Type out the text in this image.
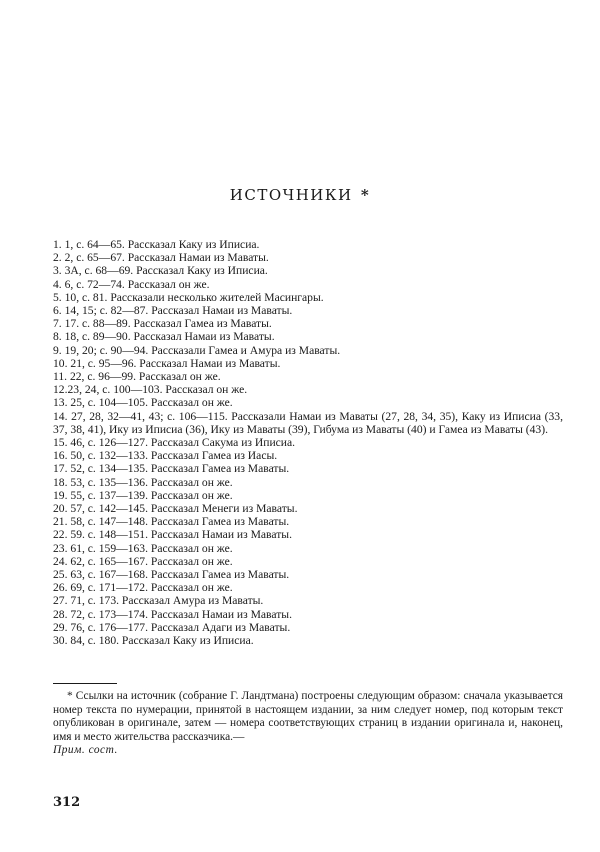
ИСТОЧНИКИ *
1. 1, с. 64—65. Рассказал Каку из Иписиа.
2. 2, с. 65—67. Рассказал Намаи из Маваты.
3. 3А, с. 68—69. Рассказал Каку из Иписиа.
4. 6, с. 72—74. Рассказал он же.
5. 10, с. 81. Рассказали несколько жителей Масингары.
6. 14, 15; с. 82—87. Рассказал Намаи из Маваты.
7. 17. с. 88—89. Рассказал Гамеа из Маваты.
8. 18, с. 89—90. Рассказал Намаи из Маваты.
9. 19, 20; с. 90—94. Рассказали Гамеа и Амура из Маваты.
10. 21, с. 95—96. Рассказал Намаи из Маваты.
11. 22, с. 96—99. Рассказал он же.
12.23, 24, с. 100—103. Рассказал он же.
13. 25, с. 104—105. Рассказал он же.
14. 27, 28, 32—41, 43; с. 106—115. Рассказали Намаи из Маваты (27, 28, 34, 35), Каку из Иписиа (33, 37, 38, 41), Ику из Иписиа (36), Ику из Маваты (39), Гибума из Маваты (40) и Гамеа из Маваты (43).
15. 46, с. 126—127. Рассказал Сакума из Иписиа.
16. 50, с. 132—133. Рассказал Гамеа из Иасы.
17. 52, с. 134—135. Рассказал Гамеа из Маваты.
18. 53, с. 135—136. Рассказал он же.
19. 55, с. 137—139. Рассказал он же.
20. 57, с. 142—145. Рассказал Менеги из Маваты.
21. 58, с. 147—148. Рассказал Гамеа из Маваты.
22. 59. с. 148—151. Рассказал Намаи из Маваты.
23. 61, с. 159—163. Рассказал он же.
24. 62, с. 165—167. Рассказал он же.
25. 63, с. 167—168. Рассказал Гамеа из Маваты.
26. 69, с. 171—172. Рассказал он же.
27. 71, с. 173. Рассказал Амура из Маваты.
28. 72, с. 173—174. Рассказал Намаи из Маваты.
29. 76, с. 176—177. Рассказал Адаги из Маваты.
30. 84, с. 180. Рассказал Каку из Иписиа.
* Ссылки на источник (собрание Г. Ландтмана) построены следующим образом: сначала указывается номер текста по нумерации, принятой в настоящем издании, за ним следует номер, под которым текст опубликован в оригинале, затем — номера соответствующих страниц в издании оригинала и, наконец, имя и место жительства рассказчика.—
Прим. сост.
312
